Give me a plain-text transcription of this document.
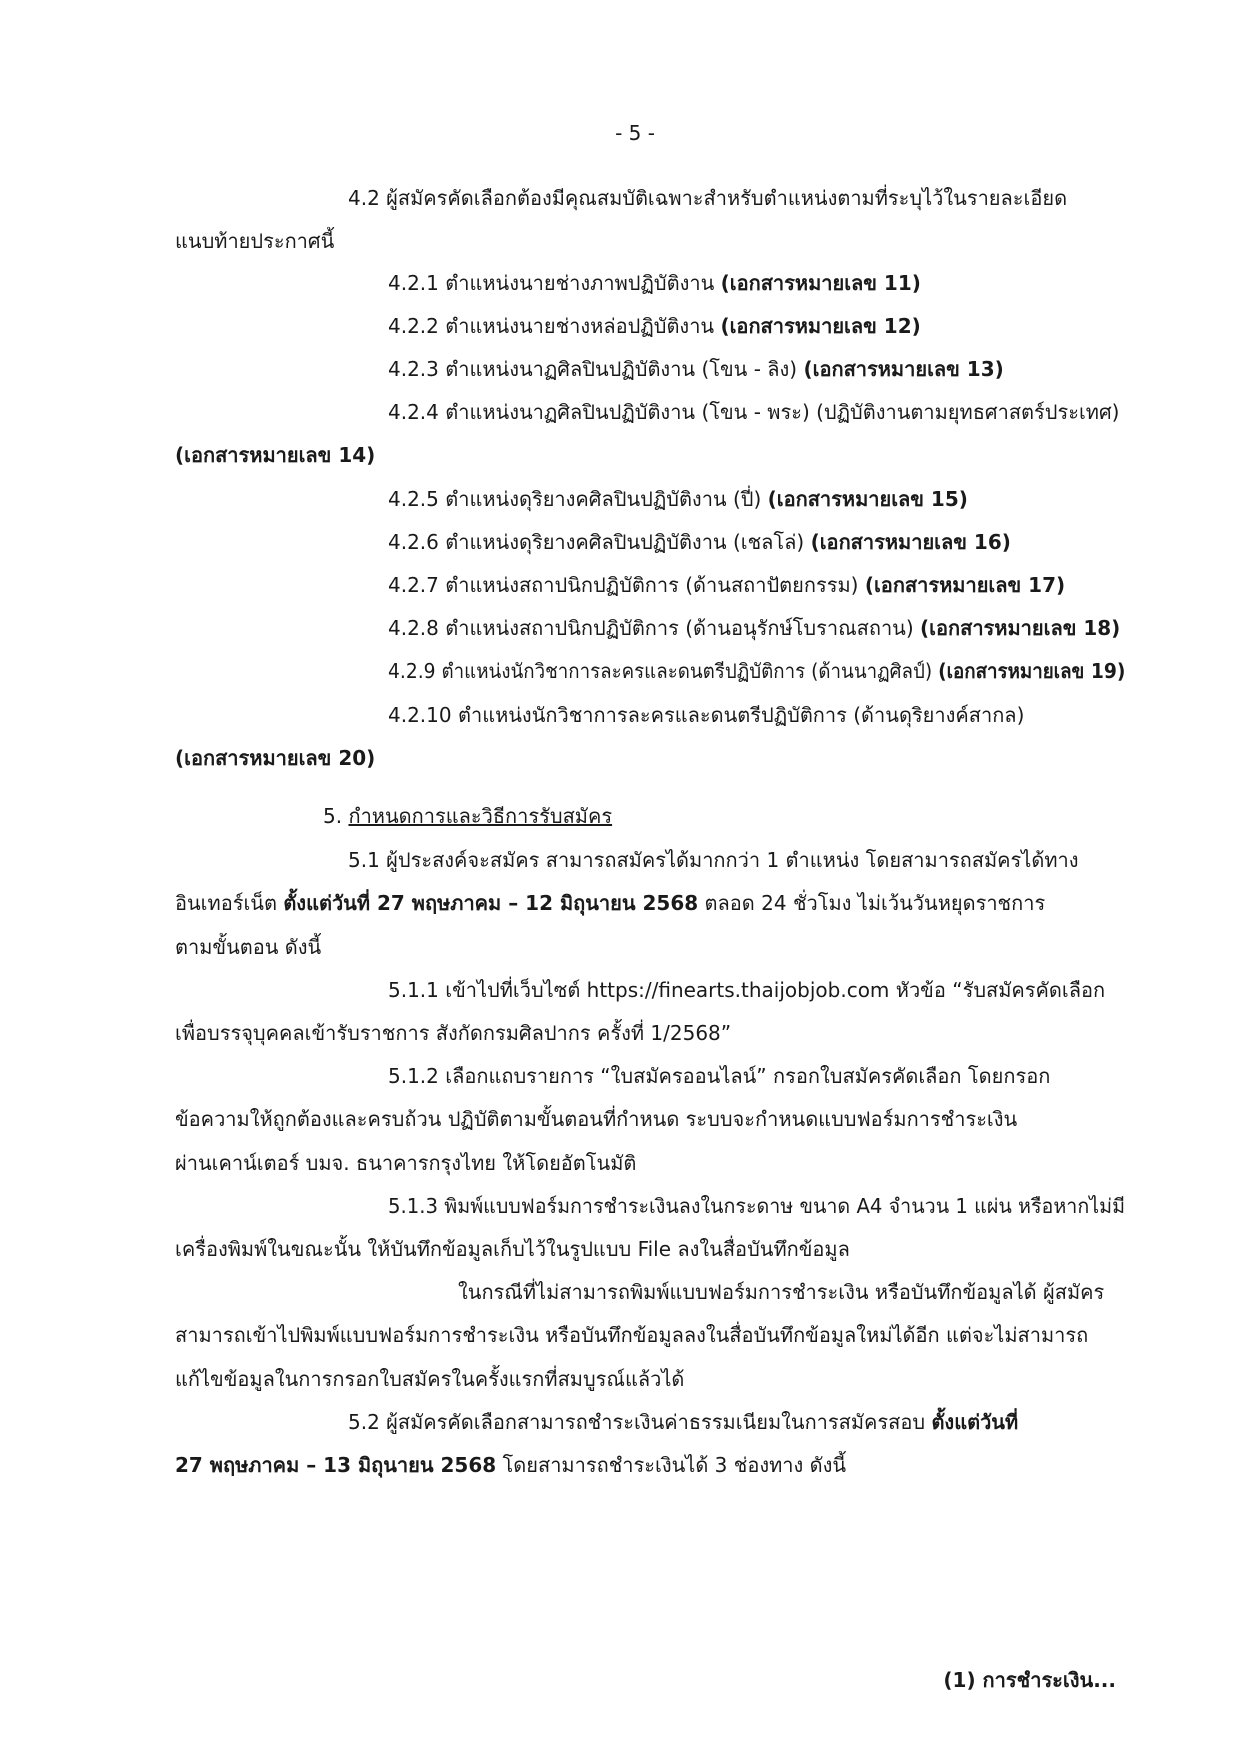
- 5 -
4.2 ผู้สมัครคัดเลือกต้องมีคุณสมบัติเฉพาะสำหรับตำแหน่งตามที่ระบุไว้ในรายละเอียด
แนบท้ายประกาศนี้
4.2.1 ตำแหน่งนายช่างภาพปฏิบัติงาน (เอกสารหมายเลข 11)
4.2.2 ตำแหน่งนายช่างหล่อปฏิบัติงาน (เอกสารหมายเลข 12)
4.2.3 ตำแหน่งนาฏศิลปินปฏิบัติงาน (โขน - ลิง) (เอกสารหมายเลข 13)
4.2.4 ตำแหน่งนาฏศิลปินปฏิบัติงาน (โขน - พระ) (ปฏิบัติงานตามยุทธศาสตร์ประเทศ)
(เอกสารหมายเลข 14)
4.2.5 ตำแหน่งดุริยางคศิลปินปฏิบัติงาน (ปี่) (เอกสารหมายเลข 15)
4.2.6 ตำแหน่งดุริยางคศิลปินปฏิบัติงาน (เชลโล่) (เอกสารหมายเลข 16)
4.2.7 ตำแหน่งสถาปนิกปฏิบัติการ (ด้านสถาปัตยกรรม) (เอกสารหมายเลข 17)
4.2.8 ตำแหน่งสถาปนิกปฏิบัติการ (ด้านอนุรักษ์โบราณสถาน) (เอกสารหมายเลข 18)
4.2.9 ตำแหน่งนักวิชาการละครและดนตรีปฏิบัติการ (ด้านนาฏศิลป์) (เอกสารหมายเลข 19)
4.2.10 ตำแหน่งนักวิชาการละครและดนตรีปฏิบัติการ (ด้านดุริยางค์สากล)
(เอกสารหมายเลข 20)
5. กำหนดการและวิธีการรับสมัคร
5.1 ผู้ประสงค์จะสมัคร สามารถสมัครได้มากกว่า 1 ตำแหน่ง โดยสามารถสมัครได้ทาง
อินเทอร์เน็ต ตั้งแต่วันที่ 27 พฤษภาคม – 12 มิถุนายน 2568 ตลอด 24 ชั่วโมง ไม่เว้นวันหยุดราชการ
ตามขั้นตอน ดังนี้
5.1.1 เข้าไปที่เว็บไซต์ https://finearts.thaijobjob.com หัวข้อ “รับสมัครคัดเลือก
เพื่อบรรจุบุคคลเข้ารับราชการ สังกัดกรมศิลปากร ครั้งที่ 1/2568”
5.1.2 เลือกแถบรายการ “ใบสมัครออนไลน์” กรอกใบสมัครคัดเลือก โดยกรอก
ข้อความให้ถูกต้องและครบถ้วน ปฏิบัติตามขั้นตอนที่กำหนด ระบบจะกำหนดแบบฟอร์มการชำระเงิน
ผ่านเคาน์เตอร์ บมจ. ธนาคารกรุงไทย ให้โดยอัตโนมัติ
5.1.3 พิมพ์แบบฟอร์มการชำระเงินลงในกระดาษ ขนาด A4 จำนวน 1 แผ่น หรือหากไม่มี
เครื่องพิมพ์ในขณะนั้น ให้บันทึกข้อมูลเก็บไว้ในรูปแบบ File ลงในสื่อบันทึกข้อมูล
ในกรณีที่ไม่สามารถพิมพ์แบบฟอร์มการชำระเงิน หรือบันทึกข้อมูลได้ ผู้สมัคร
สามารถเข้าไปพิมพ์แบบฟอร์มการชำระเงิน หรือบันทึกข้อมูลลงในสื่อบันทึกข้อมูลใหม่ได้อีก แต่จะไม่สามารถ
แก้ไขข้อมูลในการกรอกใบสมัครในครั้งแรกที่สมบูรณ์แล้วได้
5.2 ผู้สมัครคัดเลือกสามารถชำระเงินค่าธรรมเนียมในการสมัครสอบ ตั้งแต่วันที่
27 พฤษภาคม – 13 มิถุนายน 2568 โดยสามารถชำระเงินได้ 3 ช่องทาง ดังนี้
(1) การชำระเงิน...
